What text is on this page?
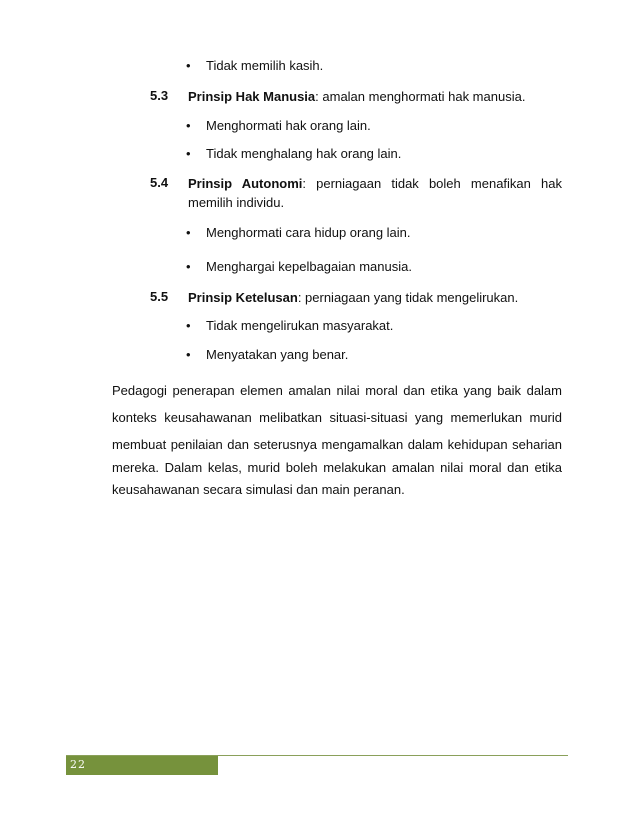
• Tidak memilih kasih.
5.3 Prinsip Hak Manusia: amalan menghormati hak manusia.
• Menghormati hak orang lain.
• Tidak menghalang hak orang lain.
5.4 Prinsip Autonomi: perniagaan tidak boleh menafikan hak memilih individu.
• Menghormati cara hidup orang lain.
• Menghargai kepelbagaian manusia.
5.5 Prinsip Ketelusan: perniagaan yang tidak mengelirukan.
• Tidak mengelirukan masyarakat.
• Menyatakan yang benar.
Pedagogi penerapan elemen amalan nilai moral dan etika yang baik dalam
konteks keusahawanan melibatkan situasi-situasi yang memerlukan murid
membuat penilaian dan seterusnya mengamalkan dalam kehidupan seharian
mereka. Dalam kelas, murid boleh melakukan amalan nilai moral dan etika
keusahawanan secara simulasi dan main peranan.
22
